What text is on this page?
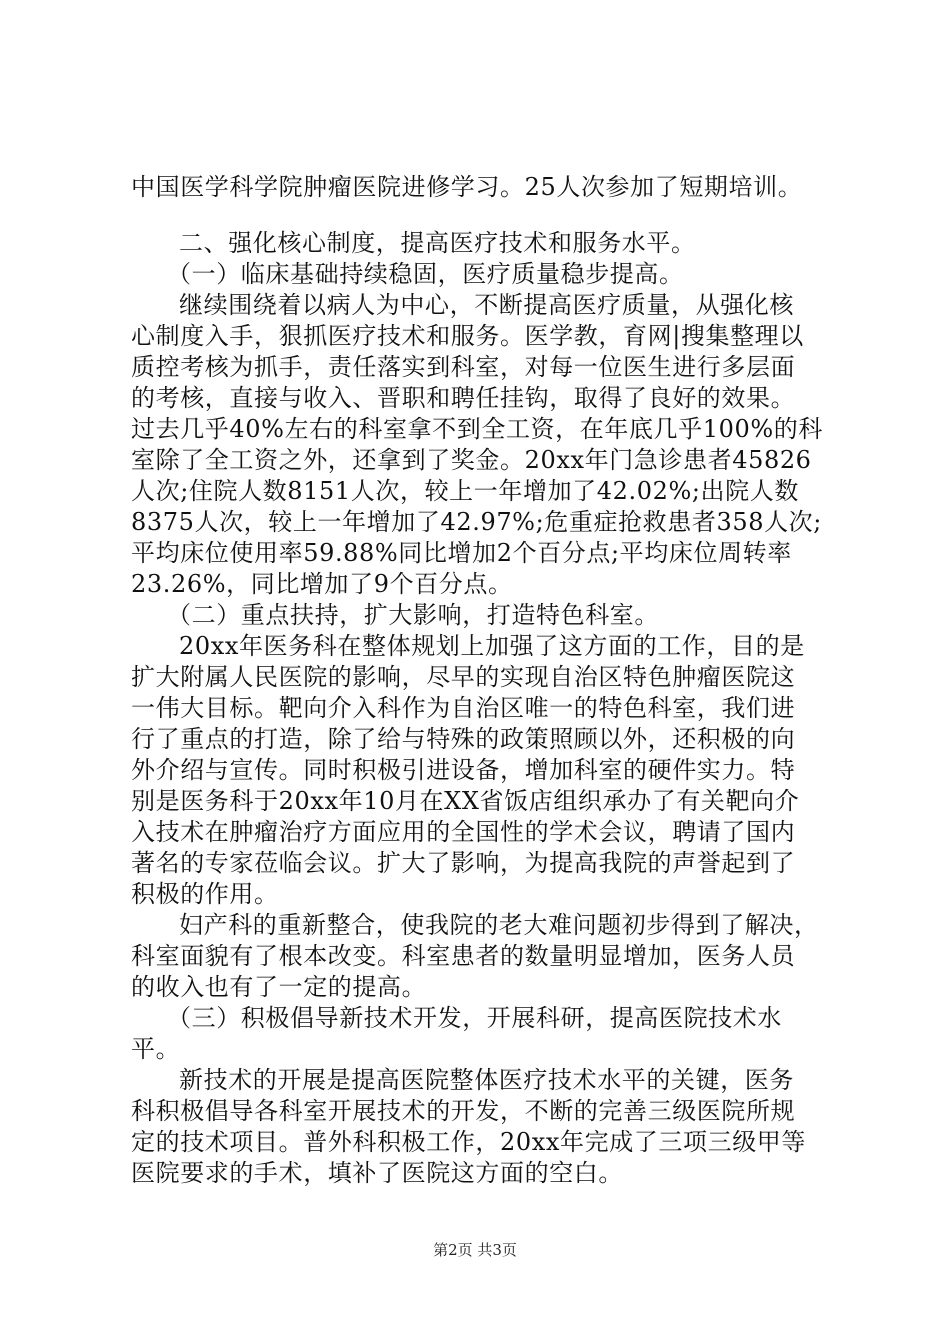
中国医学科学院肿瘤医院进修学习。25人次参加了短期培训。
二、强化核心制度，提高医疗技术和服务水平。
（一）临床基础持续稳固，医疗质量稳步提高。
继续围绕着以病人为中心，不断提高医疗质量，从强化核
心制度入手，狠抓医疗技术和服务。医学教，育网|搜集整理以
质控考核为抓手，责任落实到科室，对每一位医生进行多层面
的考核，直接与收入、晋职和聘任挂钩，取得了良好的效果。
过去几乎40%左右的科室拿不到全工资，在年底几乎100%的科
室除了全工资之外，还拿到了奖金。20xx年门急诊患者45826
人次;住院人数8151人次，较上一年增加了42.02%;出院人数
8375人次，较上一年增加了42.97%;危重症抢救患者358人次;
平均床位使用率59.88%同比增加2个百分点;平均床位周转率
23.26%，同比增加了9个百分点。
（二）重点扶持，扩大影响，打造特色科室。
20xx年医务科在整体规划上加强了这方面的工作，目的是
扩大附属人民医院的影响，尽早的实现自治区特色肿瘤医院这
一伟大目标。靶向介入科作为自治区唯一的特色科室，我们进
行了重点的打造，除了给与特殊的政策照顾以外，还积极的向
外介绍与宣传。同时积极引进设备，增加科室的硬件实力。特
别是医务科于20xx年10月在XX省饭店组织承办了有关靶向介
入技术在肿瘤治疗方面应用的全国性的学术会议，聘请了国内
著名的专家莅临会议。扩大了影响，为提高我院的声誉起到了
积极的作用。
妇产科的重新整合，使我院的老大难问题初步得到了解决，
科室面貌有了根本改变。科室患者的数量明显增加，医务人员
的收入也有了一定的提高。
（三）积极倡导新技术开发，开展科研，提高医院技术水
平。
新技术的开展是提高医院整体医疗技术水平的关键，医务
科积极倡导各科室开展技术的开发，不断的完善三级医院所规
定的技术项目。普外科积极工作，20xx年完成了三项三级甲等
医院要求的手术，填补了医院这方面的空白。
第2页 共3页
